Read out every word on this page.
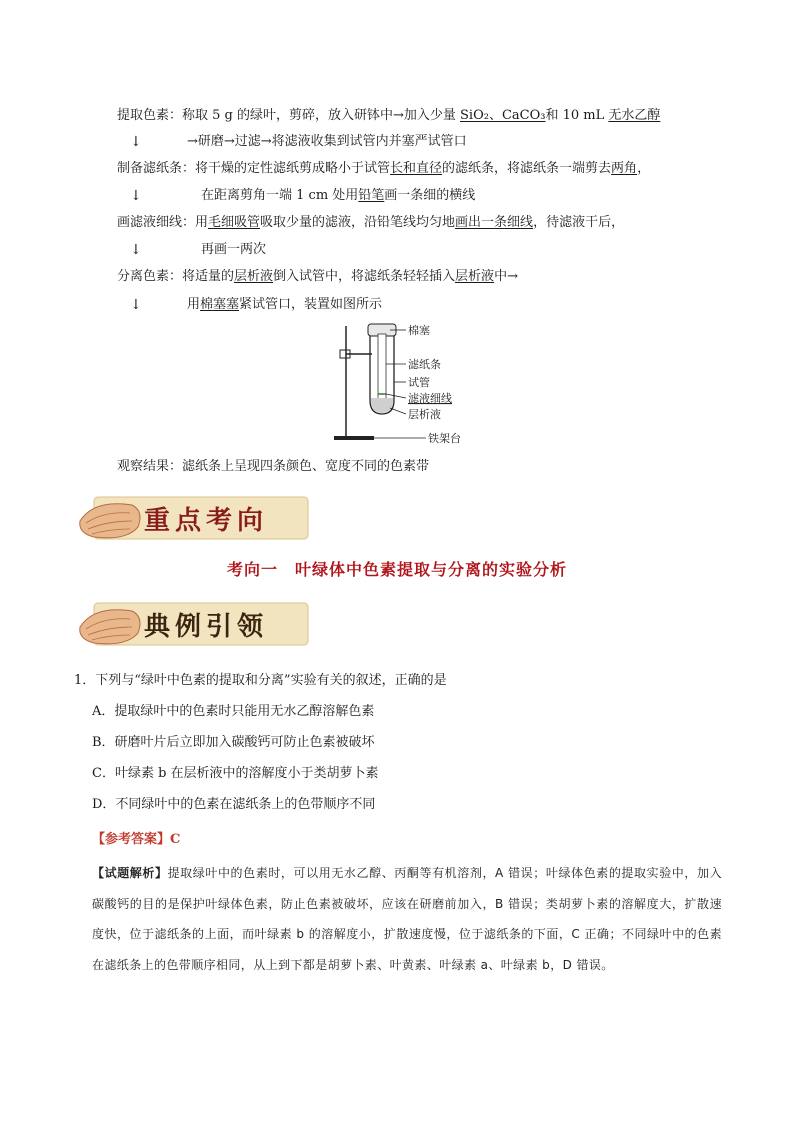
提取色素：称取 5 g 的绿叶，剪碎，放入研钵中→加入少量 SiO₂、CaCO₃和 10 mL 无水乙醇
↓	→研磨→过滤→将滤液收集到试管内并塞严试管口
制备滤纸条：将干燥的定性滤纸剪成略小于试管长和直径的滤纸条，将滤纸条一端剪去两角，
↓	在距离剪角一端 1 cm 处用铅笔画一条细的横线
画滤液细线：用毛细吸管吸取少量的滤液，沿铅笔线均匀地画出一条细线，待滤液干后，
↓	再画一两次
分离色素：将适量的层析液倒入试管中，将滤纸条轻轻插入层析液中→
↓	用棉塞塞紧试管口，装置如图所示
棉塞
滤纸条
试管
滤液细线
层析液
铁架台
观察结果：滤纸条上呈现四条颜色、宽度不同的色素带
重点考向
考向一　叶绿体中色素提取与分离的实验分析
典例引领
1．下列与“绿叶中色素的提取和分离”实验有关的叙述，正确的是
A．提取绿叶中的色素时只能用无水乙醇溶解色素
B．研磨叶片后立即加入碳酸钙可防止色素被破坏
C．叶绿素 b 在层析液中的溶解度小于类胡萝卜素
D．不同绿叶中的色素在滤纸条上的色带顺序不同
【参考答案】C
【试题解析】提取绿叶中的色素时，可以用无水乙醇、丙酮等有机溶剂，A 错误；叶绿体色素的提取实验中，加入碳酸钙的目的是保护叶绿体色素，防止色素被破坏，应该在研磨前加入，B 错误；类胡萝卜素的溶解度大，扩散速度快，位于滤纸条的上面，而叶绿素 b 的溶解度小，扩散速度慢，位于滤纸条的下面，C 正确；不同绿叶中的色素在滤纸条上的色带顺序相同，从上到下都是胡萝卜素、叶黄素、叶绿素 a、叶绿素 b，D 错误。
